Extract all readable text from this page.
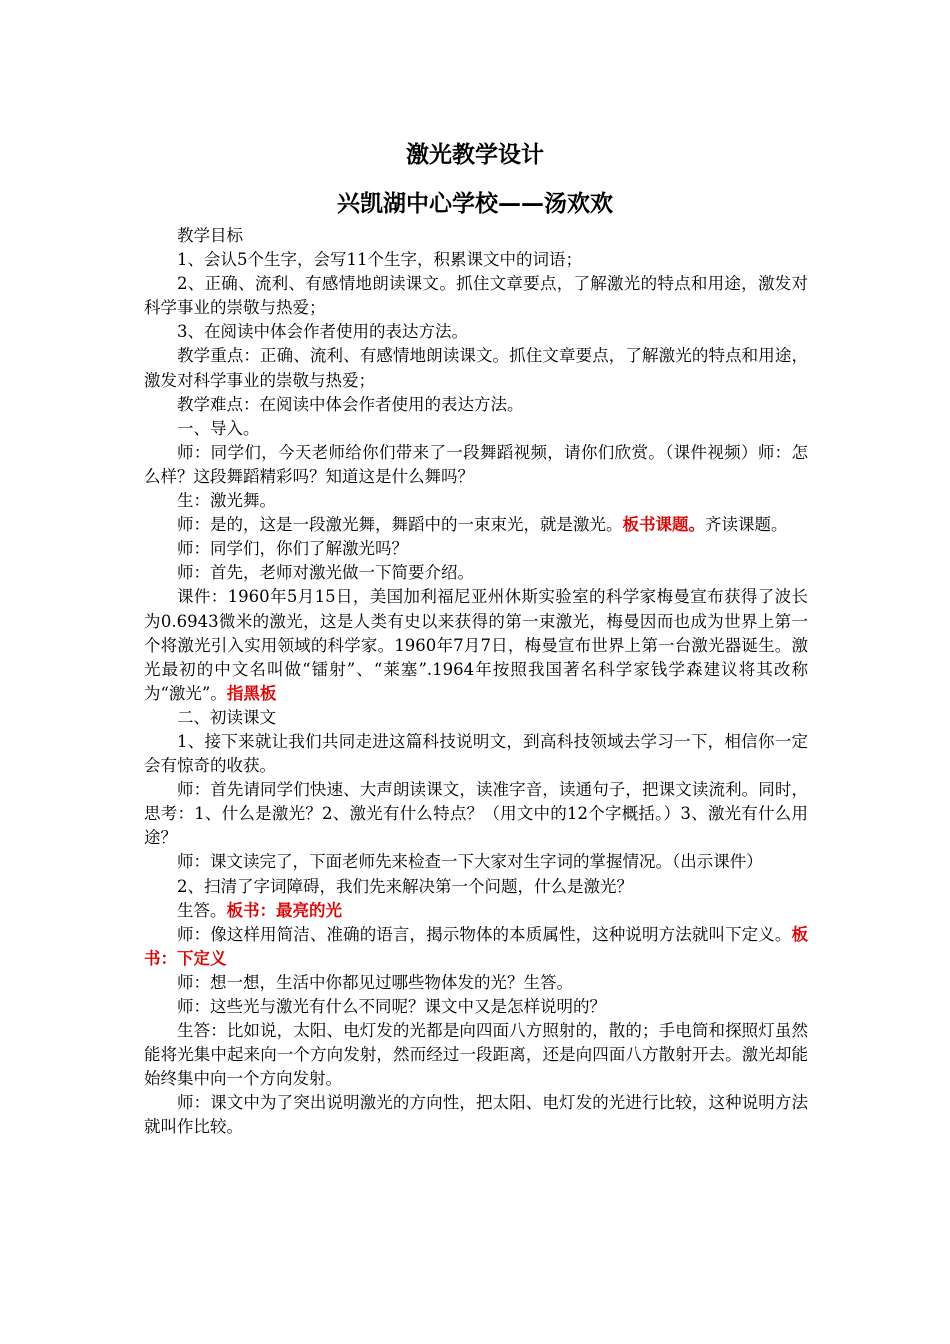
激光教学设计
兴凯湖中心学校——汤欢欢

教学目标

1、会认5个生字，会写11个生字，积累课文中的词语；

2、正确、流利、有感情地朗读课文。抓住文章要点，了解激光的特点和用途，激发对科学事业的崇敬与热爱；

3、在阅读中体会作者使用的表达方法。

教学重点：正确、流利、有感情地朗读课文。抓住文章要点，了解激光的特点和用途，激发对科学事业的崇敬与热爱；

教学难点：在阅读中体会作者使用的表达方法。

一、导入。

师：同学们，今天老师给你们带来了一段舞蹈视频，请你们欣赏。（课件视频）师：怎么样？这段舞蹈精彩吗？知道这是什么舞吗？

生：激光舞。

师：是的，这是一段激光舞，舞蹈中的一束束光，就是激光。板书课题。齐读课题。

师：同学们，你们了解激光吗？

师：首先，老师对激光做一下简要介绍。

课件：1960年5月15日，美国加利福尼亚州休斯实验室的科学家梅曼宣布获得了波长为0.6943微米的激光，这是人类有史以来获得的第一束激光，梅曼因而也成为世界上第一个将激光引入实用领域的科学家。1960年7月7日，梅曼宣布世界上第一台激光器诞生。激光最初的中文名叫做“镭射”、“莱塞”.1964年按照我国著名科学家钱学森建议将其改称为“激光”。指黑板

二、初读课文

1、接下来就让我们共同走进这篇科技说明文，到高科技领域去学习一下，相信你一定会有惊奇的收获。

师：首先请同学们快速、大声朗读课文，读准字音，读通句子，把课文读流利。同时，思考：1、什么是激光？2、激光有什么特点？（用文中的12个字概括。）3、激光有什么用途？

师：课文读完了，下面老师先来检查一下大家对生字词的掌握情况。（出示课件）

2、扫清了字词障碍，我们先来解决第一个问题，什么是激光？

生答。板书：最亮的光

师：像这样用简洁、准确的语言，揭示物体的本质属性，这种说明方法就叫下定义。板书：下定义

师：想一想，生活中你都见过哪些物体发的光？生答。

师：这些光与激光有什么不同呢？课文中又是怎样说明的？

生答：比如说，太阳、电灯发的光都是向四面八方照射的，散的；手电筒和探照灯虽然能将光集中起来向一个方向发射，然而经过一段距离，还是向四面八方散射开去。激光却能始终集中向一个方向发射。

师：课文中为了突出说明激光的方向性，把太阳、电灯发的光进行比较，这种说明方法就叫作比较。
